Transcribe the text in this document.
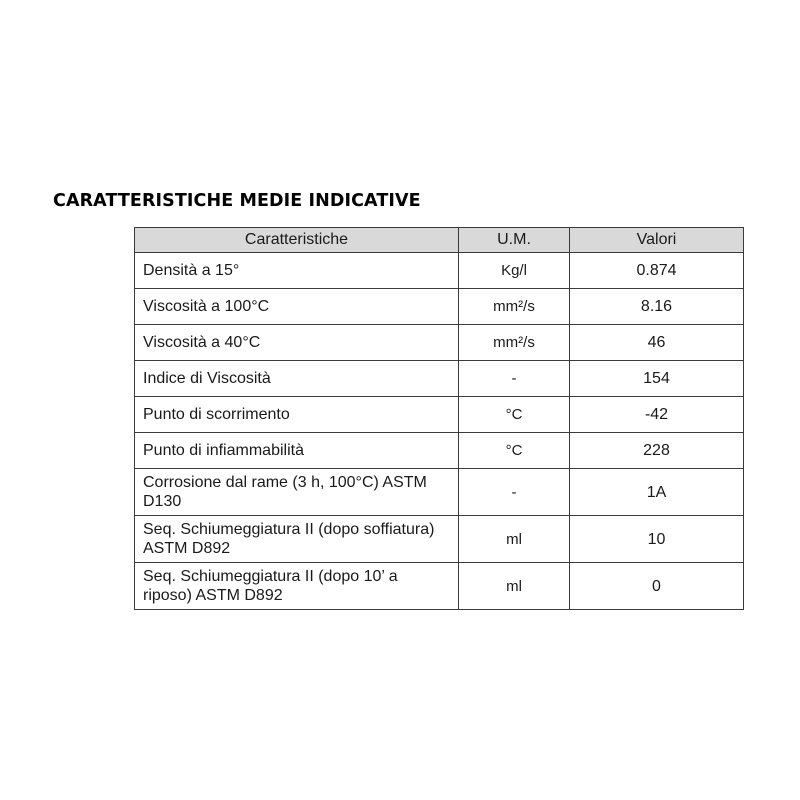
CARATTERISTICHE MEDIE INDICATIVE
Caratteristiche	U.M.	Valori
Densità a 15°	Kg/l	0.874
Viscosità a 100°C	mm²/s	8.16
Viscosità a 40°C	mm²/s	46
Indice di Viscosità	-	154
Punto di scorrimento	°C	-42
Punto di infiammabilità	°C	228
Corrosione dal rame (3 h, 100°C) ASTM D130	-	1A
Seq. Schiumeggiatura II (dopo soffiatura) ASTM D892	ml	10
Seq. Schiumeggiatura II (dopo 10’ a riposo) ASTM D892	ml	0
